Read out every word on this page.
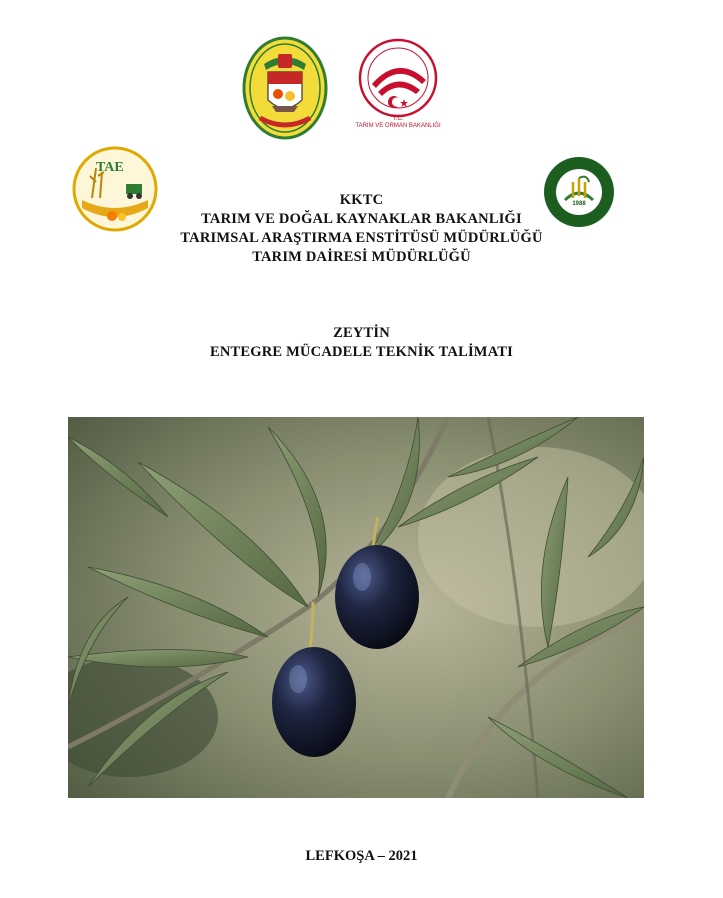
T.C.
TARIM VE ORMAN BAKANLIĞI
TAE
1988
KKTC
TARIM VE DOĞAL KAYNAKLAR BAKANLIĞI
TARIMSAL ARAŞTIRMA ENSTİTÜSÜ MÜDÜRLÜĞÜ
TARIM DAİRESİ MÜDÜRLÜĞÜ
ZEYTİN
ENTEGRE MÜCADELE TEKNİK TALİMATI
LEFKOŞA – 2021
